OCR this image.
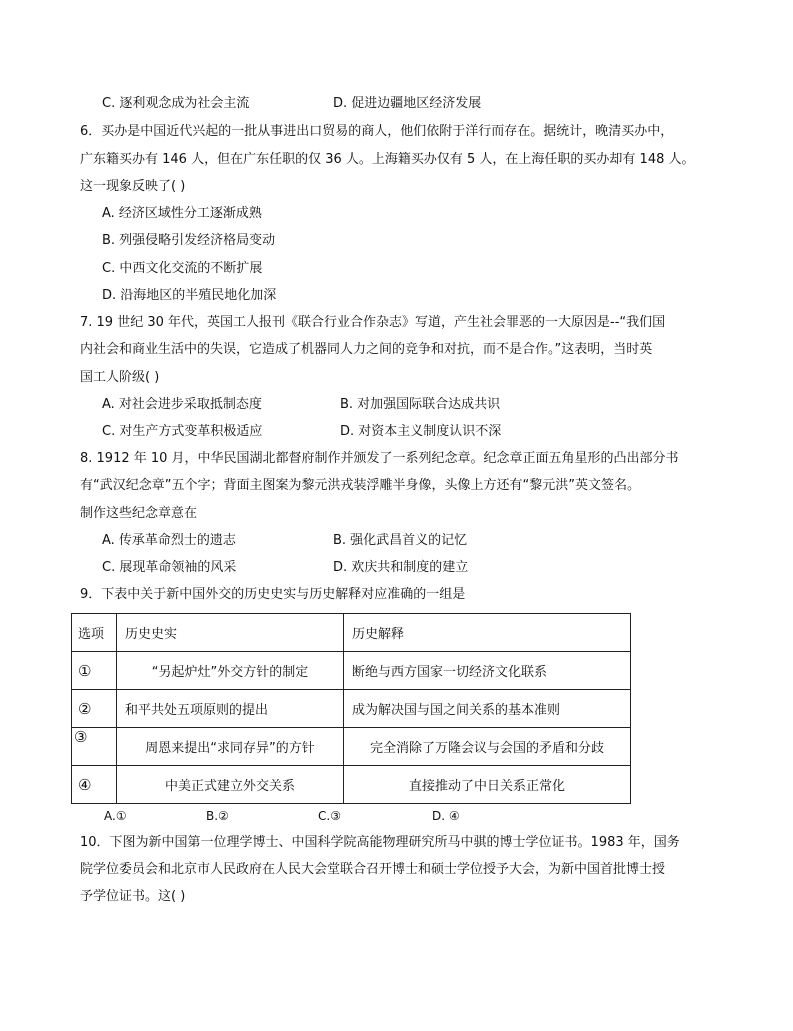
C. 逐利观念成为社会主流	D. 促进边疆地区经济发展
6．买办是中国近代兴起的一批从事进出口贸易的商人，他们依附于洋行而存在。据统计，晚清买办中，
广东籍买办有 146 人，但在广东任职的仅 36 人。上海籍买办仅有 5 人，在上海任职的买办却有 148 人。
这一现象反映了( )
A. 经济区域性分工逐渐成熟
B. 列强侵略引发经济格局变动
C. 中西文化交流的不断扩展
D. 沿海地区的半殖民地化加深
7. 19 世纪 30 年代，英国工人报刊《联合行业合作杂志》写道，产生社会罪恶的一大原因是--“我们国
内社会和商业生活中的失误，它造成了机器同人力之间的竞争和对抗，而不是合作。”这表明，当时英
国工人阶级( )
A. 对社会进步采取抵制态度	B. 对加强国际联合达成共识
C. 对生产方式变革积极适应	D. 对资本主义制度认识不深
8. 1912 年 10 月，中华民国湖北都督府制作并颁发了一系列纪念章。纪念章正面五角星形的凸出部分书
有“武汉纪念章”五个字；背面主图案为黎元洪戎装浮雕半身像，头像上方还有“黎元洪”英文签名。
制作这些纪念章意在
A. 传承革命烈士的遗志	B. 强化武昌首义的记忆
C. 展现革命领袖的风采	D. 欢庆共和制度的建立
9．下表中关于新中国外交的历史史实与历史解释对应准确的一组是
选项	历史史实	历史解释
①	“另起炉灶”外交方针的制定	断绝与西方国家一切经济文化联系
②	和平共处五项原则的提出	成为解决国与国之间关系的基本准则
③	周恩来提出“求同存异”的方针	完全消除了万隆会议与会国的矛盾和分歧
④	中美正式建立外交关系	直接推动了中日关系正常化
A.①	B.②	C.③	D. ④
10．下图为新中国第一位理学博士、中国科学院高能物理研究所马中骐的博士学位证书。1983 年，国务
院学位委员会和北京市人民政府在人民大会堂联合召开博士和硕士学位授予大会，为新中国首批博士授
予学位证书。这( )
